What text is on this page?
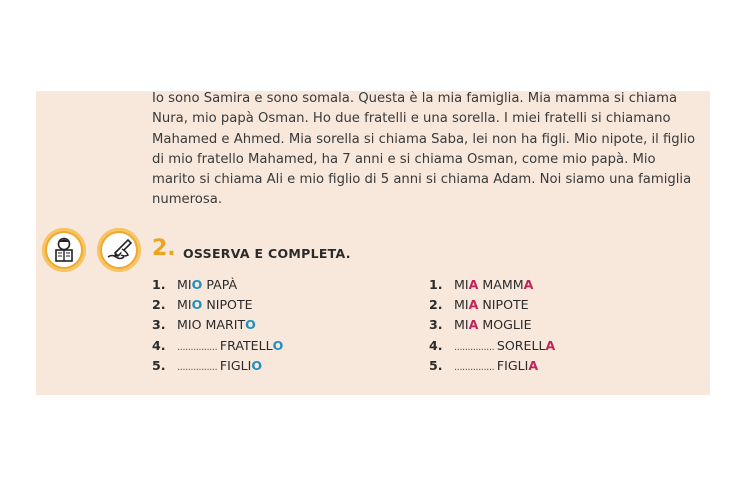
Io sono Samira e sono somala. Questa è la mia famiglia. Mia mamma si chiama Nura, mio papà Osman. Ho due fratelli e una sorella. I miei fratelli si chiamano Mahamed e Ahmed. Mia sorella si chiama Saba, lei non ha figli. Mio nipote, il figlio di mio fratello Mahamed, ha 7 anni e si chiama Osman, come mio papà. Mio marito si chiama Ali e mio figlio di 5 anni si chiama Adam. Noi siamo una famiglia numerosa.

2. OSSERVA E COMPLETA.
1. MIO PAPÀ
2. MIO NIPOTE
3. MIO MARITO
4. ............... FRATELLO
5. ............... FIGLIO
1. MIA MAMMA
2. MIA NIPOTE
3. MIA MOGLIE
4. ............... SORELLA
5. ............... FIGLIA
